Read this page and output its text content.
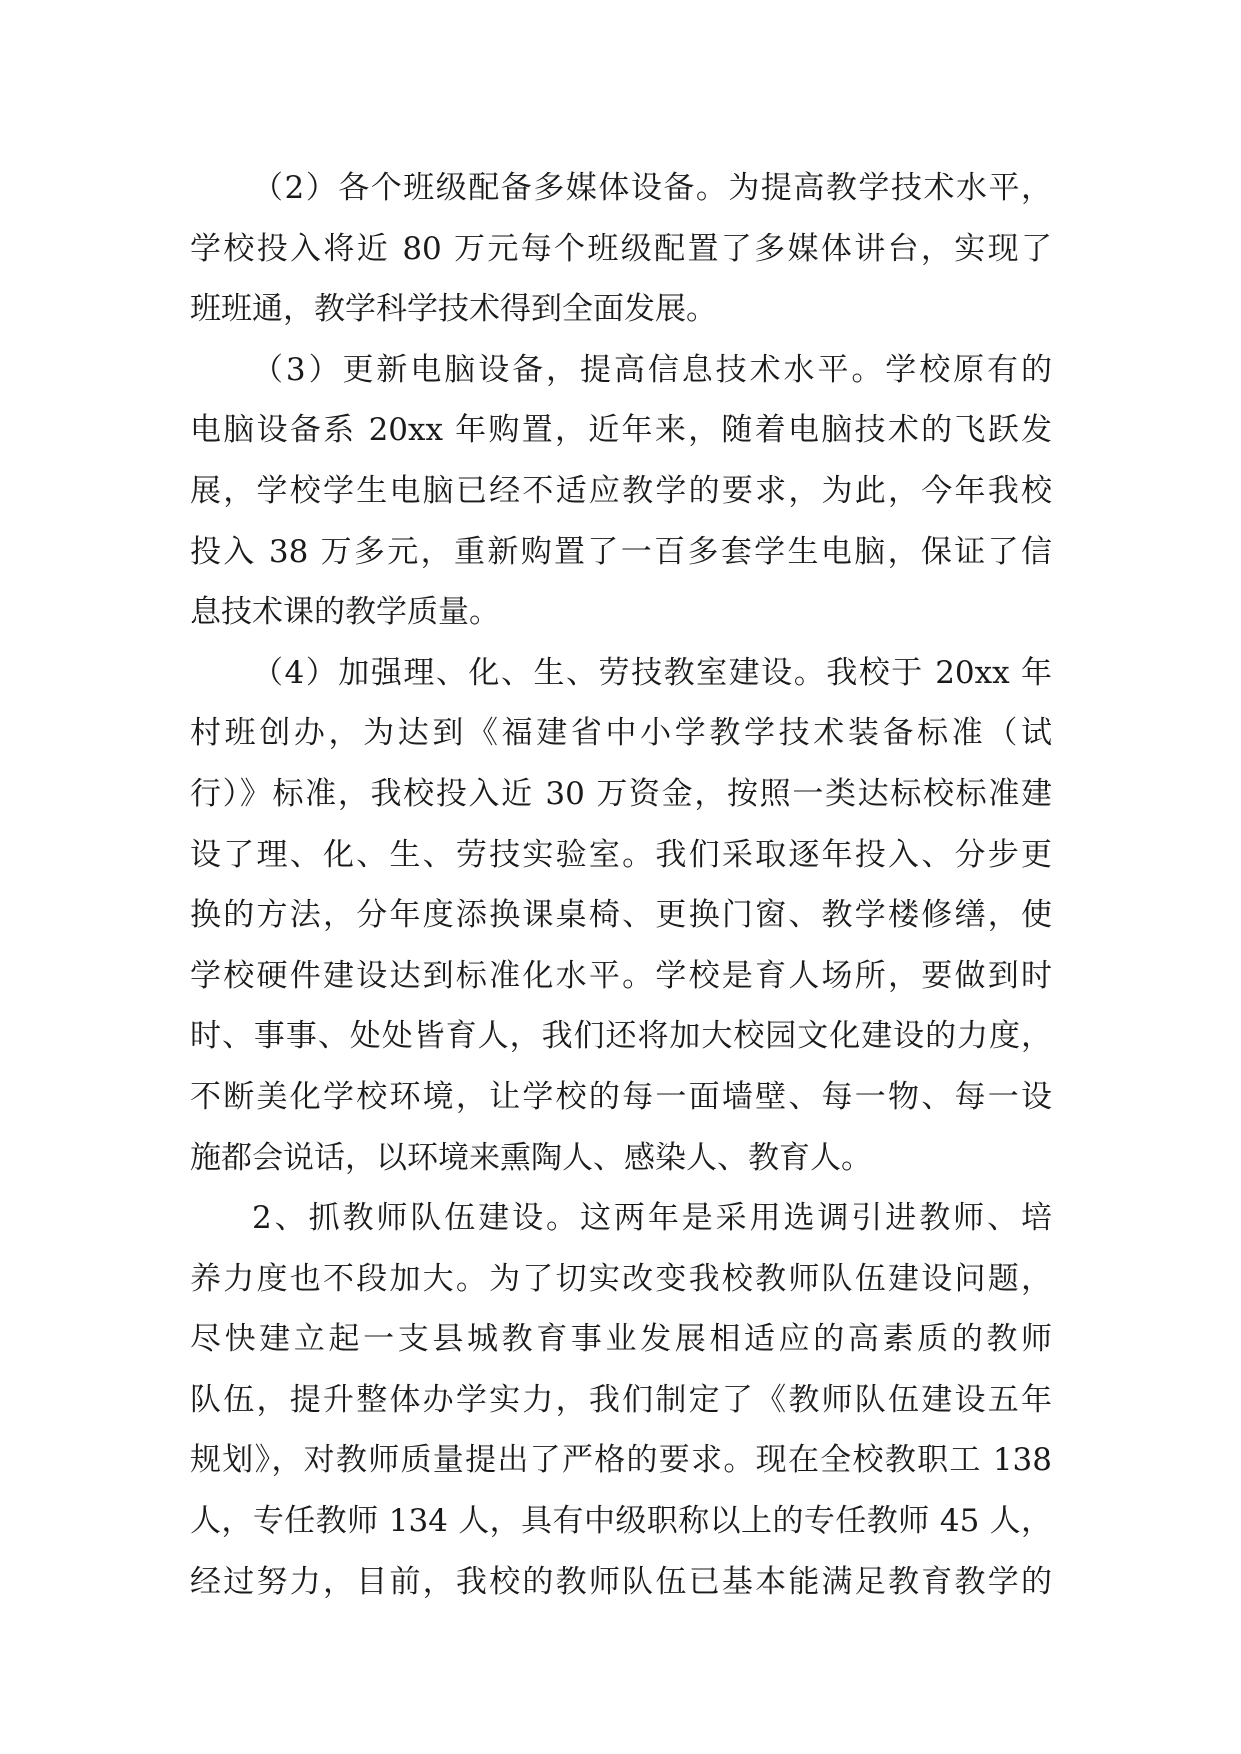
（2）各个班级配备多媒体设备。为提高教学技术水平，
学校投入将近 80 万元每个班级配置了多媒体讲台，实现了
班班通，教学科学技术得到全面发展。
（3）更新电脑设备，提高信息技术水平。学校原有的
电脑设备系 20xx 年购置，近年来，随着电脑技术的飞跃发
展，学校学生电脑已经不适应教学的要求，为此，今年我校
投入 38 万多元，重新购置了一百多套学生电脑，保证了信
息技术课的教学质量。
（4）加强理、化、生、劳技教室建设。我校于 20xx 年
村班创办，为达到《福建省中小学教学技术装备标准（试
行）》标准，我校投入近 30 万资金，按照一类达标校标准建
设了理、化、生、劳技实验室。我们采取逐年投入、分步更
换的方法，分年度添换课桌椅、更换门窗、教学楼修缮，使
学校硬件建设达到标准化水平。学校是育人场所，要做到时
时、事事、处处皆育人，我们还将加大校园文化建设的力度，
不断美化学校环境，让学校的每一面墙壁、每一物、每一设
施都会说话，以环境来熏陶人、感染人、教育人。
2、抓教师队伍建设。这两年是采用选调引进教师、培
养力度也不段加大。为了切实改变我校教师队伍建设问题，
尽快建立起一支县城教育事业发展相适应的高素质的教师
队伍，提升整体办学实力，我们制定了《教师队伍建设五年
规划》，对教师质量提出了严格的要求。现在全校教职工 138
人，专任教师 134 人，具有中级职称以上的专任教师 45 人，
经过努力，目前，我校的教师队伍已基本能满足教育教学的
